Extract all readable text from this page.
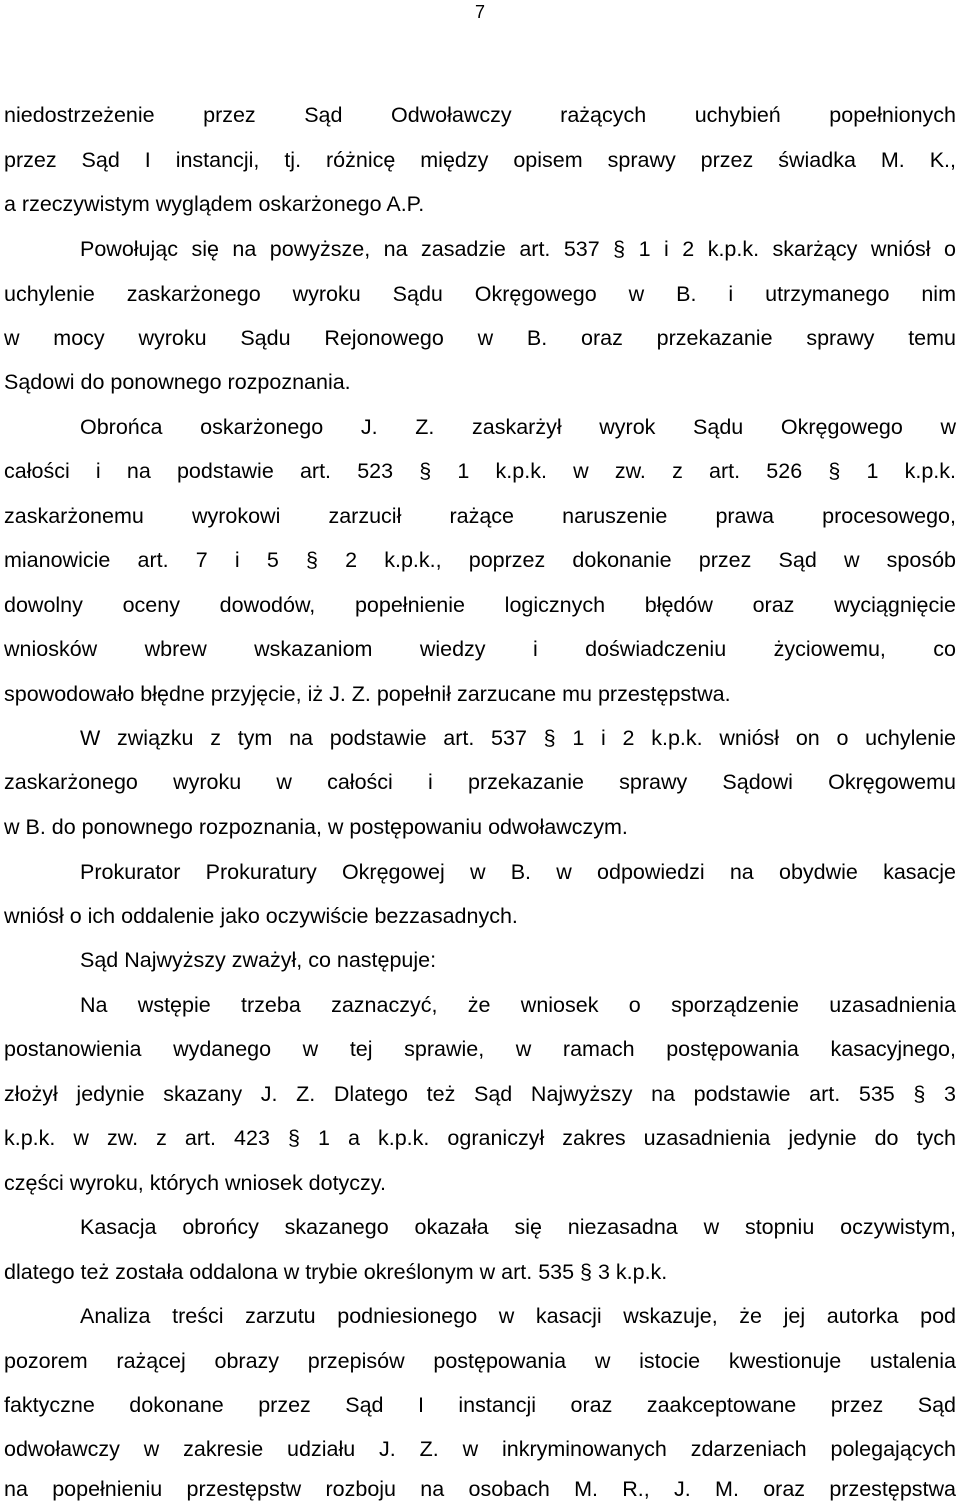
7
niedostrzeżenie przez Sąd Odwoławczy rażących uchybień popełnionych
przez Sąd I instancji, tj. różnicę między opisem sprawy przez świadka M. K.,
a rzeczywistym wyglądem oskarżonego A.P.
Powołując się na powyższe, na zasadzie art. 537 § 1 i 2 k.p.k. skarżący wniósł o
uchylenie zaskarżonego wyroku Sądu Okręgowego w B. i utrzymanego nim
w mocy wyroku Sądu Rejonowego w B. oraz przekazanie sprawy temu
Sądowi do ponownego rozpoznania.
Obrońca oskarżonego J. Z. zaskarżył wyrok Sądu Okręgowego w
całości i na podstawie art. 523 § 1 k.p.k. w zw. z art. 526 § 1 k.p.k.
zaskarżonemu wyrokowi zarzucił rażące naruszenie prawa procesowego,
mianowicie art. 7 i 5 § 2 k.p.k., poprzez dokonanie przez Sąd w sposób
dowolny oceny dowodów, popełnienie logicznych błędów oraz wyciągnięcie
wniosków wbrew wskazaniom wiedzy i doświadczeniu życiowemu, co
spowodowało błędne przyjęcie, iż J. Z. popełnił zarzucane mu przestępstwa.
W związku z tym na podstawie art. 537 § 1 i 2 k.p.k. wniósł on o uchylenie
zaskarżonego wyroku w całości i przekazanie sprawy Sądowi Okręgowemu
w B. do ponownego rozpoznania, w postępowaniu odwoławczym.
Prokurator Prokuratury Okręgowej w B. w odpowiedzi na obydwie kasacje
wniósł o ich oddalenie jako oczywiście bezzasadnych.
Sąd Najwyższy zważył, co następuje:
Na wstępie trzeba zaznaczyć, że wniosek o sporządzenie uzasadnienia
postanowienia wydanego w tej sprawie, w ramach postępowania kasacyjnego,
złożył jedynie skazany J. Z. Dlatego też Sąd Najwyższy na podstawie art. 535 § 3
k.p.k. w zw. z art. 423 § 1 a k.p.k. ograniczył zakres uzasadnienia jedynie do tych
części wyroku, których wniosek dotyczy.
Kasacja obrońcy skazanego okazała się niezasadna w stopniu oczywistym,
dlatego też została oddalona w trybie określonym w art. 535 § 3 k.p.k.
Analiza treści zarzutu podniesionego w kasacji wskazuje, że jej autorka pod
pozorem rażącej obrazy przepisów postępowania w istocie kwestionuje ustalenia
faktyczne dokonane przez Sąd I instancji oraz zaakceptowane przez Sąd
odwoławczy w zakresie udziału J. Z. w inkryminowanych zdarzeniach polegających
na popełnieniu przestępstw rozboju na osobach M. R., J. M. oraz przestępstwa
